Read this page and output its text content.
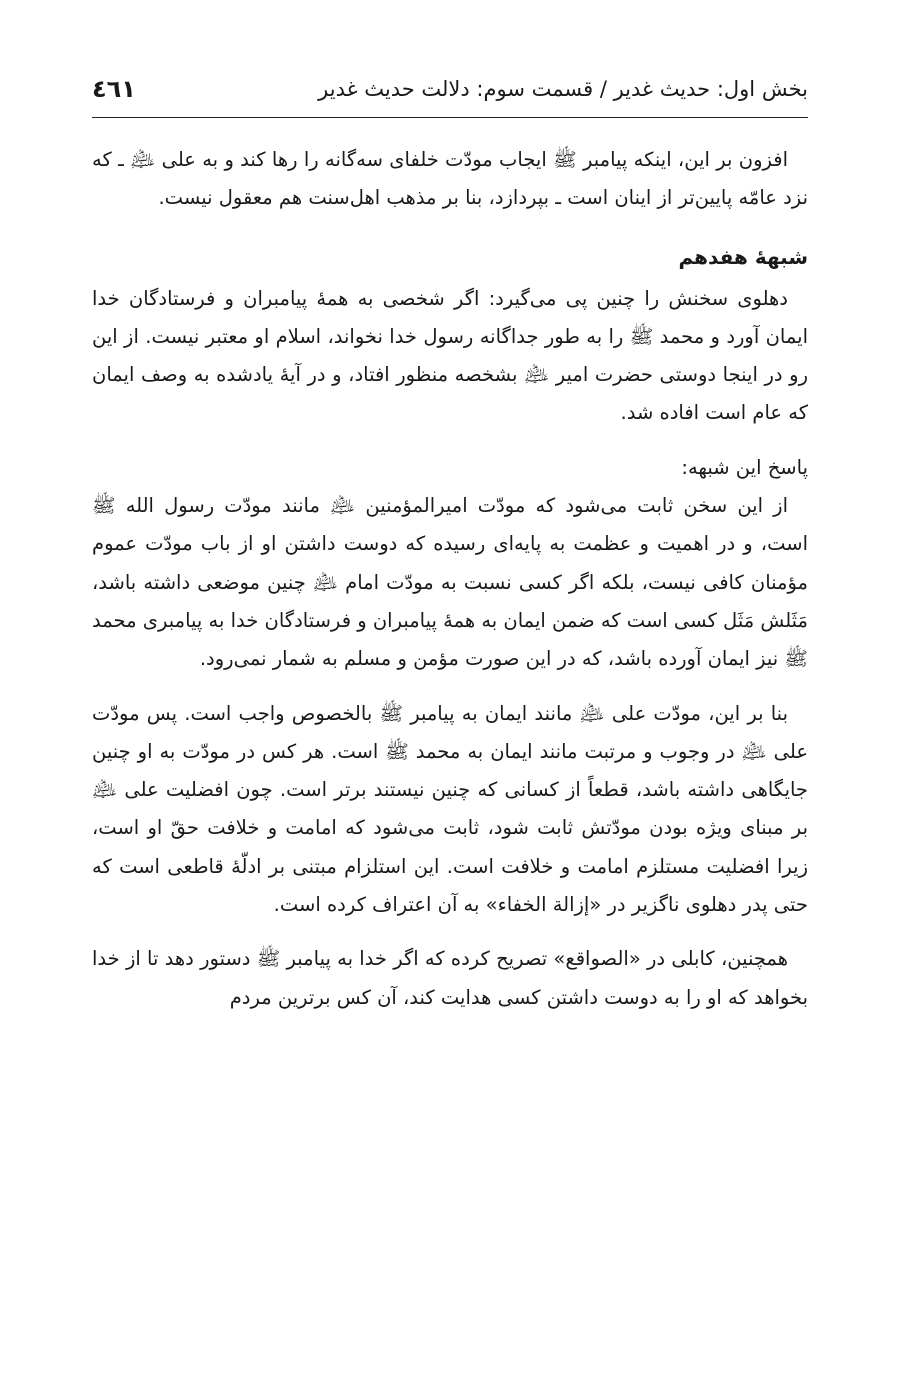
بخش اول: حدیث غدیر / قسمت سوم: دلالت حدیث غدیر
٤٦١

افزون بر این، اینکه پیامبر ﷺ ایجاب مودّت خلفای سه‌گانه را رها کند و به علی ﵇ ـ که نزد عامّه پایین‌تر از اینان است ـ بپردازد، بنا بر مذهب اهل‌سنت هم معقول نیست.

شبهۀ هفدهم

دهلوی سخنش را چنین پی می‌گیرد: اگر شخصی به همۀ پیامبران و فرستادگان خدا ایمان آورد و محمد ﷺ را به طور جداگانه رسول خدا نخواند، اسلام او معتبر نیست. از این رو در اینجا دوستی حضرت امیر ﵇ بشخصه منظور افتاد، و در آیۀ یادشده به وصف ایمان که عام است افاده شد.

پاسخ این شبهه:

از این سخن ثابت می‌شود که مودّت امیرالمؤمنین ﵇ مانند مودّت رسول الله ﷺ است، و در اهمیت و عظمت به پایه‌ای رسیده که دوست داشتن او از باب مودّت عموم مؤمنان کافی نیست، بلکه اگر کسی نسبت به مودّت امام ﵇ چنین موضعی داشته باشد، مَثَلش مَثَل کسی است که ضمن ایمان به همۀ پیامبران و فرستادگان خدا به پیامبری محمد ﷺ نیز ایمان آورده باشد، که در این صورت مؤمن و مسلم به شمار نمی‌رود.

بنا بر این، مودّت علی ﵇ مانند ایمان به پیامبر ﷺ بالخصوص واجب است. پس مودّت علی ﵇ در وجوب و مرتبت مانند ایمان به محمد ﷺ است. هر کس در مودّت به او چنین جایگاهی داشته باشد، قطعاً از کسانی که چنین نیستند برتر است. چون افضلیت علی ﵇ بر مبنای ویژه بودن مودّتش ثابت شود، ثابت می‌شود که امامت و خلافت حقّ او است، زیرا افضلیت مستلزم امامت و خلافت است. این استلزام مبتنی بر ادلّۀ قاطعی است که حتی پدر دهلوی ناگزیر در «إزالة الخفاء» به آن اعتراف کرده است.

همچنین، کابلی در «الصواقع» تصریح کرده که اگر خدا به پیامبر ﷺ دستور دهد تا از خدا بخواهد که او را به دوست داشتن کسی هدایت کند، آن کس برترین مردم
